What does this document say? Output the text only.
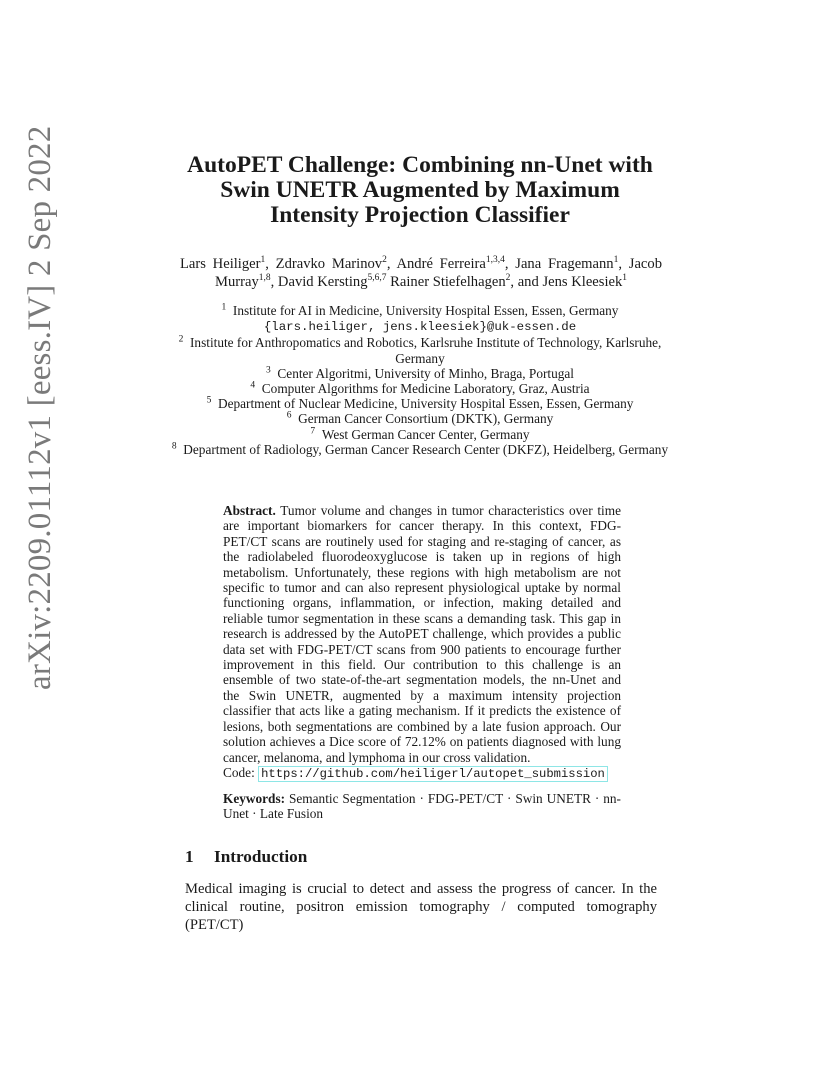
arXiv:2209.01112v1 [eess.IV] 2 Sep 2022	AutoPET Challenge: Combining nn-Unet with
Swin UNETR Augmented by Maximum
Intensity Projection Classifier
Lars Heiliger$^1$, Zdravko Marinov$^2$, André Ferreira$^{1,3,4}$, Jana Fragemann$^1$, Jacob Murray$^{1,8}$, David Kersting$^{5,6,7}$ Rainer Stiefelhagen$^2$, and Jens Kleesiek$^1$
$^1$  Institute for AI in Medicine, University Hospital Essen, Essen, Germany
{lars.heiliger, jens.kleesiek}@uk-essen.de
$^2$  Institute for Anthropomatics and Robotics, Karlsruhe Institute of Technology, Karlsruhe, Germany
$^3$  Center Algoritmi, University of Minho, Braga, Portugal
$^4$  Computer Algorithms for Medicine Laboratory, Graz, Austria
$^5$  Department of Nuclear Medicine, University Hospital Essen, Essen, Germany
$^6$  German Cancer Consortium (DKTK), Germany
$^7$  West German Cancer Center, Germany
$^8$  Department of Radiology, German Cancer Research Center (DKFZ), Heidelberg, Germany
Abstract. Tumor volume and changes in tumor characteristics over time are important biomarkers for cancer therapy. In this context, FDG-PET/CT scans are routinely used for staging and re-staging of cancer, as the radiolabeled fluorodeoxyglucose is taken up in regions of high metabolism. Unfortunately, these regions with high metabolism are not specific to tumor and can also represent physiological uptake by normal functioning organs, inflammation, or infection, making detailed and reliable tumor segmentation in these scans a demanding task. This gap in research is addressed by the AutoPET challenge, which provides a public data set with FDG-PET/CT scans from 900 patients to encourage further improvement in this field. Our contribution to this challenge is an ensemble of two state-of-the-art segmentation models, the nn-Unet and the Swin UNETR, augmented by a maximum intensity projection classifier that acts like a gating mechanism. If it predicts the existence of lesions, both segmentations are combined by a late fusion approach. Our solution achieves a Dice score of 72.12% on patients diagnosed with lung cancer, melanoma, and lymphoma in our cross validation.
Code: https://github.com/heiligerl/autopet_submission
Keywords: Semantic Segmentation · FDG-PET/CT · Swin UNETR · nn-Unet · Late Fusion
1 Introduction
Medical imaging is crucial to detect and assess the progress of cancer. In the clinical routine, positron emission tomography / computed tomography (PET/CT)
